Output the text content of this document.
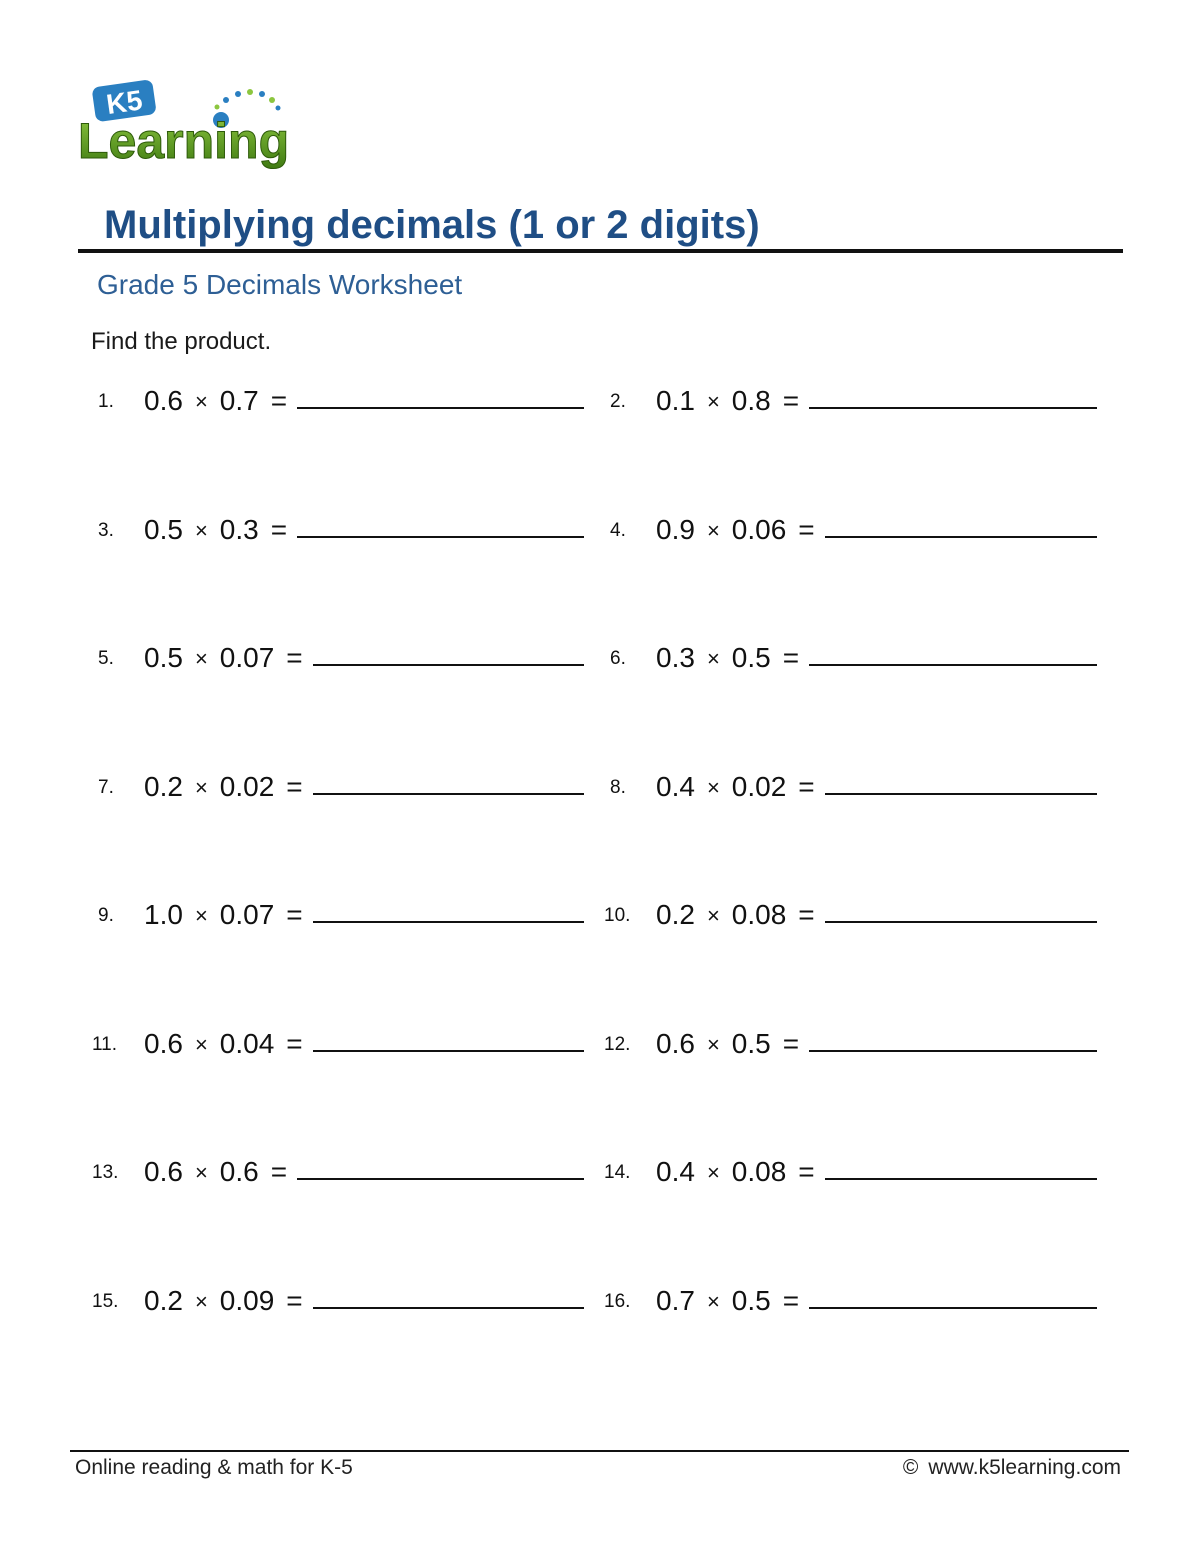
K5
Learning
Multiplying decimals (1 or 2 digits)
Grade 5 Decimals Worksheet
Find the product.
1. 0.6 × 0.7 =	2. 0.1 × 0.8 =
3. 0.5 × 0.3 =	4. 0.9 × 0.06 =
5. 0.5 × 0.07 =	6. 0.3 × 0.5 =
7. 0.2 × 0.02 =	8. 0.4 × 0.02 =
9. 1.0 × 0.07 =	10. 0.2 × 0.08 =
11. 0.6 × 0.04 =	12. 0.6 × 0.5 =
13. 0.6 × 0.6 =	14. 0.4 × 0.08 =
15. 0.2 × 0.09 =	16. 0.7 × 0.5 =
Online reading & math for K-5	© www.k5learning.com
